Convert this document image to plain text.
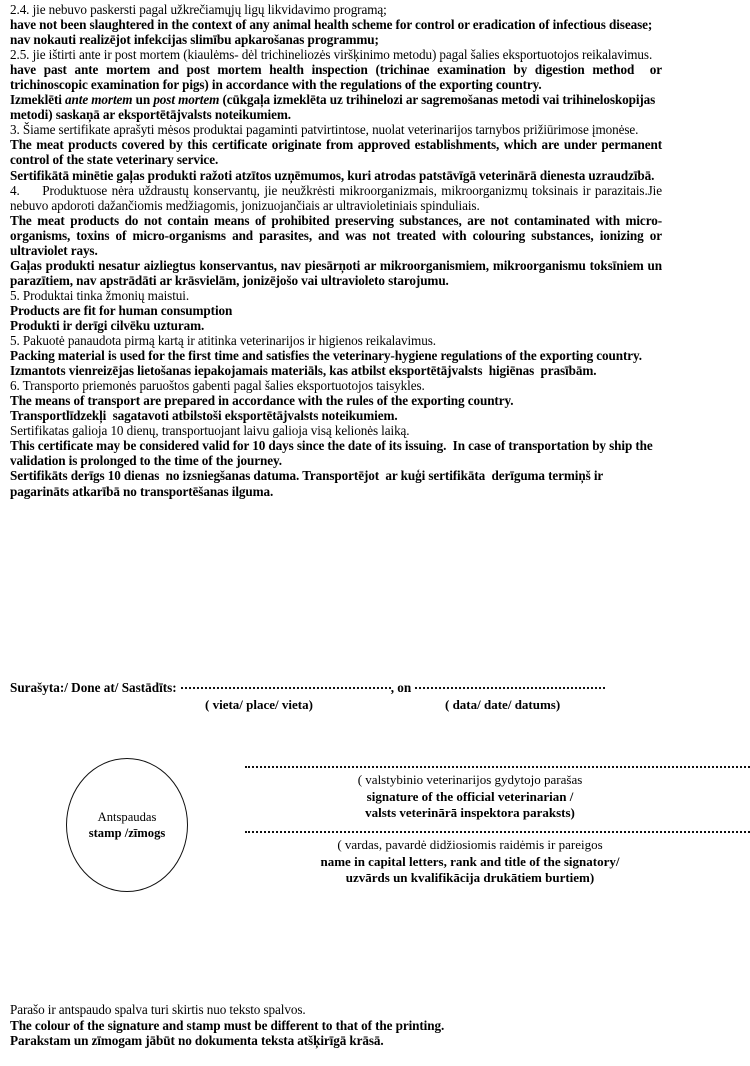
2.4. jie nebuvo paskersti pagal užkrečiamųjų ligų likvidavimo programą;

have not been slaughtered in the context of any animal health scheme for control or eradication of infectious disease;

nav nokauti realizējot infekcijas slimību apkarošanas programmu;

2.5. jie ištirti ante ir post mortem (kiaulėms- dėl trichineliozės viršķinimo metodu) pagal šalies eksportuotojos reikalavimus.

have past ante mortem and post mortem health inspection (trichinae examination by digestion method  or trichinoscopic examination for pigs) in accordance with the regulations of the exporting country.

Izmeklēti ante mortem un post mortem (cūkgaļa izmeklēta uz trihinelozi ar sagremošanas metodi vai trihineloskopijas metodi) saskaņā ar eksportētājvalsts noteikumiem.

3. Šiame sertifikate aprašyti mėsos produktai pagaminti patvirtintose, nuolat veterinarijos tarnybos prižiūrimose įmonėse.

The meat products covered by this certificate originate from approved establishments, which are under permanent control of the state veterinary service.

Sertifikātā minētie gaļas produkti ražoti atzītos uzņēmumos, kuri atrodas patstāvīgā veterinārā dienesta uzraudzībā.

4.     Produktuose nėra uždraustų konservantų, jie neužkrėsti mikroorganizmais, mikroorganizmų toksinais ir parazitais.Jie nebuvo apdoroti dažančiomis medžiagomis, jonizuojančiais ar ultravioletiniais spinduliais.

The meat products do not contain means of prohibited preserving substances, are not contaminated with micro-organisms, toxins of micro-organisms and parasites, and was not treated with colouring substances, ionizing or ultraviolet rays.

Gaļas produkti nesatur aizliegtus konservantus, nav piesārņoti ar mikroorganismiem, mikroorganismu toksīniem un parazītiem, nav apstrādāti ar krāsvielām, jonizējošo vai ultravioleto starojumu.

5. Produktai tinka žmonių maistui.

Products are fit for human consumption

Produkti ir derīgi cilvēku uzturam.

5. Pakuotė panaudota pirmą kartą ir atitinka veterinarijos ir higienos reikalavimus.

Packing material is used for the first time and satisfies the veterinary-hygiene regulations of the exporting country.

Izmantots vienreizējas lietošanas iepakojamais materiāls, kas atbilst eksportētājvalsts  higiēnas  prasībām.

6. Transporto priemonės paruoštos gabenti pagal šalies eksportuotojos taisykles.

The means of transport are prepared in accordance with the rules of the exporting country.

Transportlīdzekļi  sagatavoti atbilstoši eksportētājvalsts noteikumiem.

Sertifikatas galioja 10 dienų, transportuojant laivu galioja visą kelionės laiką.

This certificate may be considered valid for 10 days since the date of its issuing.  In case of transportation by ship the validation is prolonged to the time of the journey.

Sertifikāts derīgs 10 dienas  no izsniegšanas datuma. Transportējot  ar kuģi sertifikāta  derīguma termiņš ir pagarināts atkarībā no transportēšanas ilguma.

Surašyta:/ Done at/ Sastādīts:	, on
( vieta/ place/ vieta)	( data/ date/ datums)
Antspaudas
stamp /zīmogs
( valstybinio veterinarijos gydytojo parašas
signature of the official veterinarian /
valsts veterinārā inspektora paraksts)
( vardas, pavardė didžiosiomis raidėmis ir pareigos
name in capital letters, rank and title of the signatory/
uzvārds un kvalifikācija drukātiem burtiem)

Parašo ir antspaudo spalva turi skirtis nuo teksto spalvos.

The colour of the signature and stamp must be different to that of the printing.

Parakstam un zīmogam jābūt no dokumenta teksta atšķirīgā krāsā.
